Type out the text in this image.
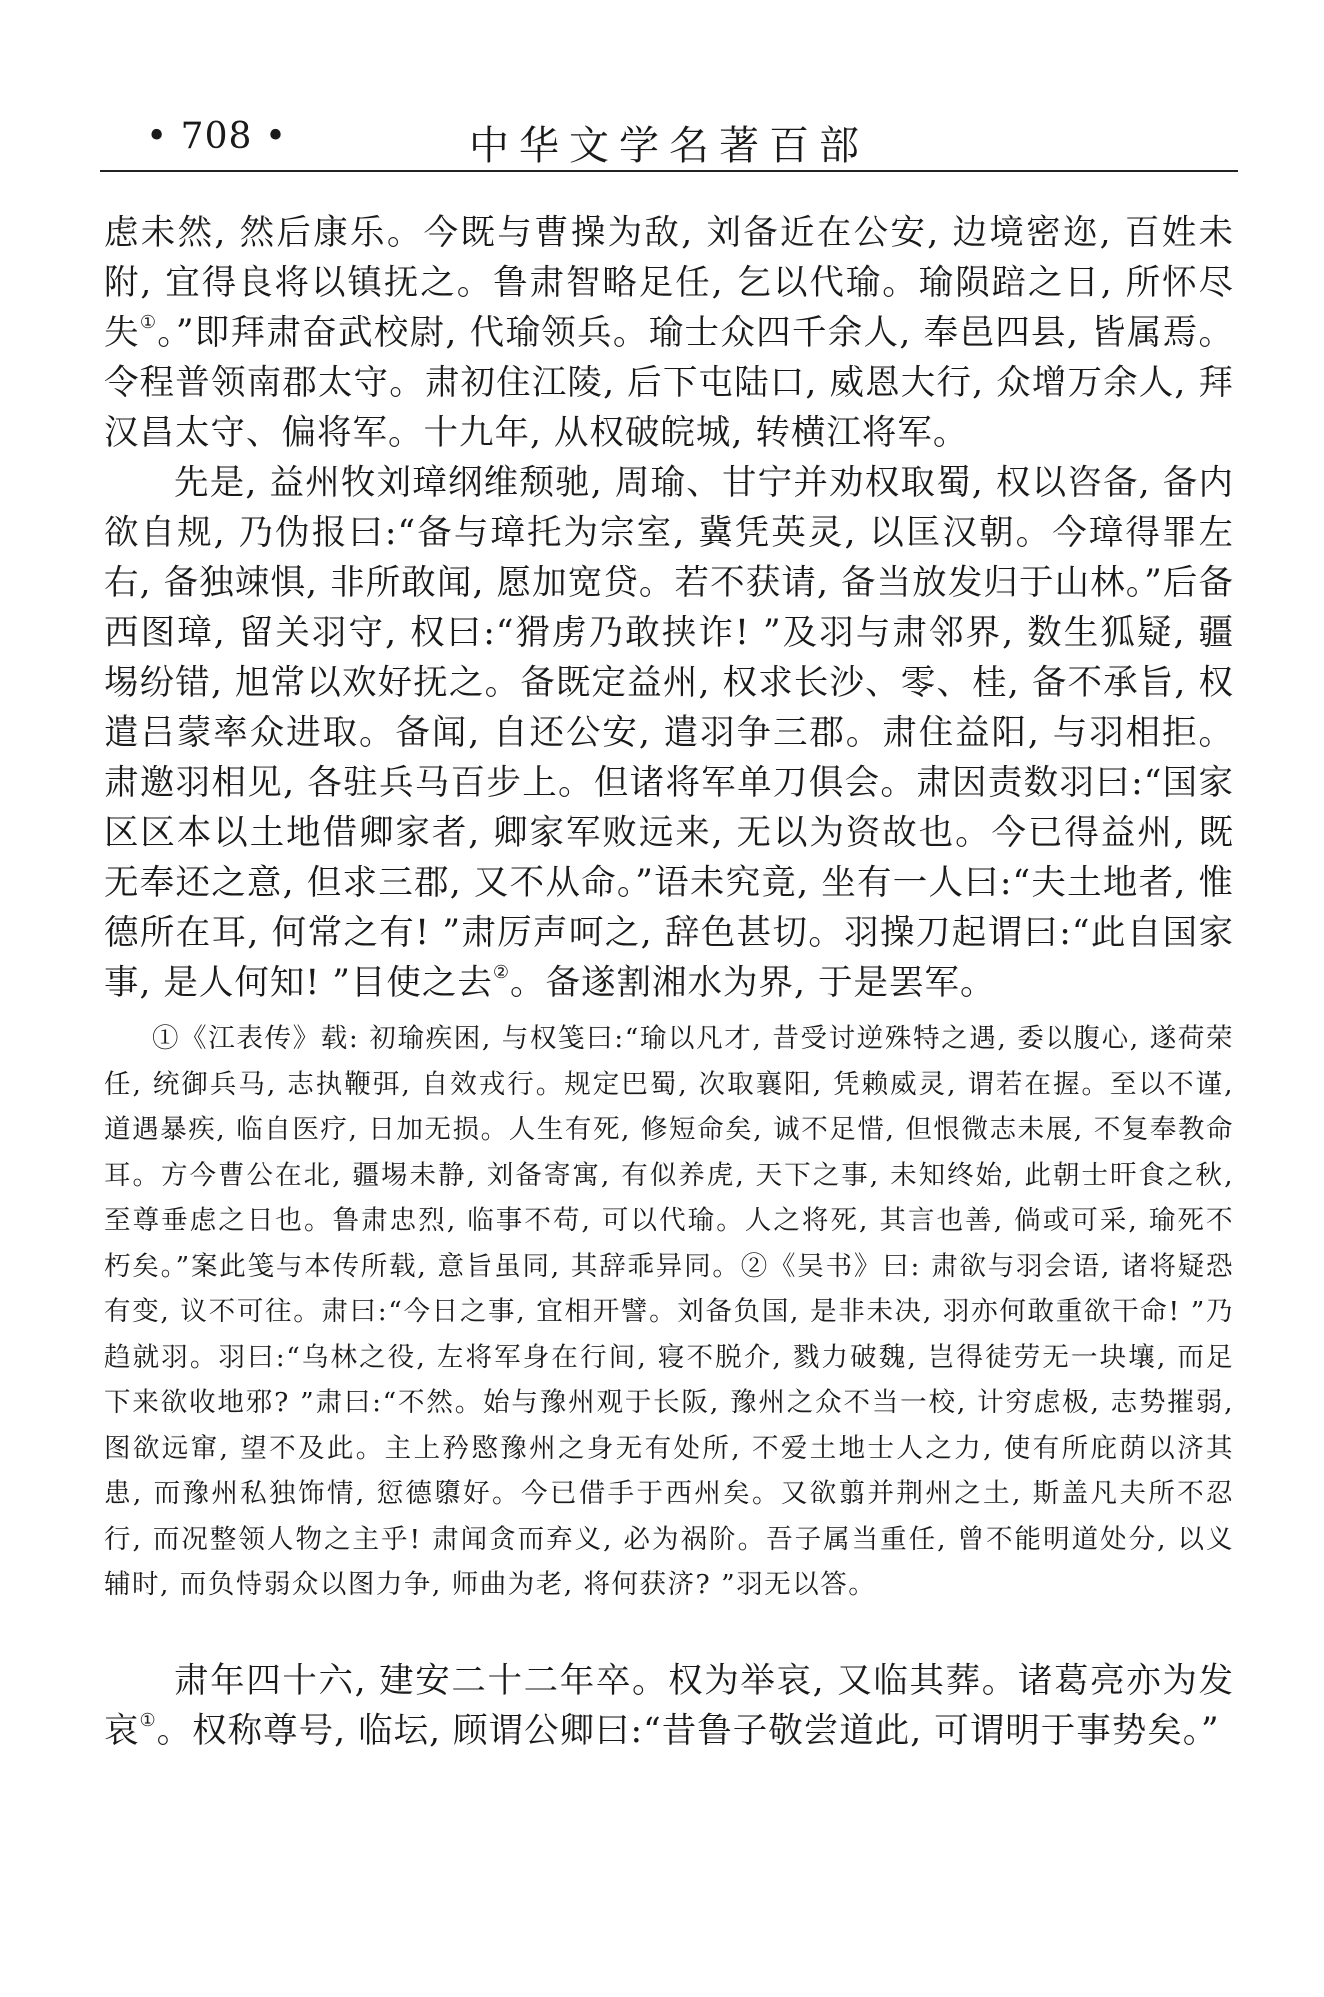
• 708 •	中华文学名著百部

虑未然, 然后康乐。今既与曹操为敌, 刘备近在公安, 边境密迩, 百姓未附, 宜得良将以镇抚之。鲁肃智略足任, 乞以代瑜。瑜陨踣之日, 所怀尽失①。”即拜肃奋武校尉, 代瑜领兵。瑜士众四千余人, 奉邑四县, 皆属焉。令程普领南郡太守。肃初住江陵, 后下屯陆口, 威恩大行, 众增万余人, 拜汉昌太守、偏将军。十九年, 从权破皖城, 转横江将军。

先是, 益州牧刘璋纲维颓驰, 周瑜、甘宁并劝权取蜀, 权以咨备, 备内欲自规, 乃伪报曰:“备与璋托为宗室, 冀凭英灵, 以匡汉朝。今璋得罪左右, 备独竦惧, 非所敢闻, 愿加宽贷。若不获请, 备当放发归于山林。”后备西图璋, 留关羽守, 权曰:“猾虏乃敢挟诈! ”及羽与肃邻界, 数生狐疑, 疆埸纷错, 旭常以欢好抚之。备既定益州, 权求长沙、零、桂, 备不承旨, 权遣吕蒙率众进取。备闻, 自还公安, 遣羽争三郡。肃住益阳, 与羽相拒。肃邀羽相见, 各驻兵马百步上。但诸将军单刀俱会。肃因责数羽曰:“国家区区本以土地借卿家者, 卿家军败远来, 无以为资故也。今已得益州, 既无奉还之意, 但求三郡, 又不从命。”语未究竟, 坐有一人曰:“夫土地者, 惟德所在耳, 何常之有! ”肃厉声呵之, 辞色甚切。羽操刀起谓曰:“此自国家事, 是人何知! ”目使之去②。备遂割湘水为界, 于是罢军。

①《江表传》载: 初瑜疾困, 与权笺曰:“瑜以凡才, 昔受讨逆殊特之遇, 委以腹心, 遂荷荣任, 统御兵马, 志执鞭弭, 自效戎行。规定巴蜀, 次取襄阳, 凭赖威灵, 谓若在握。至以不谨, 道遇暴疾, 临自医疗, 日加无损。人生有死, 修短命矣, 诚不足惜, 但恨微志未展, 不复奉教命耳。方今曹公在北, 疆埸未静, 刘备寄寓, 有似养虎, 天下之事, 未知终始, 此朝士旰食之秋, 至尊垂虑之日也。鲁肃忠烈, 临事不苟, 可以代瑜。人之将死, 其言也善, 倘或可采, 瑜死不朽矣。”案此笺与本传所载, 意旨虽同, 其辞乖异同。②《吴书》曰: 肃欲与羽会语, 诸将疑恐有变, 议不可往。肃曰:“今日之事, 宜相开譬。刘备负国, 是非未决, 羽亦何敢重欲干命! ”乃趋就羽。羽曰:“乌林之役, 左将军身在行间, 寝不脱介, 戮力破魏, 岂得徒劳无一块壤, 而足下来欲收地邪? ”肃曰:“不然。始与豫州观于长阪, 豫州之众不当一校, 计穷虑极, 志势摧弱, 图欲远窜, 望不及此。主上矜愍豫州之身无有处所, 不爱土地士人之力, 使有所庇荫以济其患, 而豫州私独饰情, 愆德隳好。今已借手于西州矣。又欲翦并荆州之土, 斯盖凡夫所不忍行, 而况整领人物之主乎! 肃闻贪而弃义, 必为祸阶。吾子属当重任, 曾不能明道处分, 以义辅时, 而负恃弱众以图力争, 师曲为老, 将何获济? ”羽无以答。

肃年四十六, 建安二十二年卒。权为举哀, 又临其葬。诸葛亮亦为发哀①。权称尊号, 临坛, 顾谓公卿曰:“昔鲁子敬尝道此, 可谓明于事势矣。”
